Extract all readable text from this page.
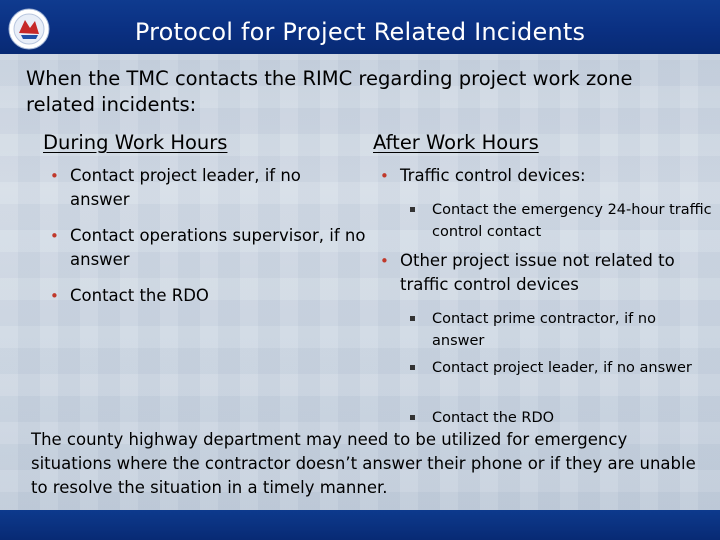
Protocol for Project Related Incidents
When the TMC contacts the RIMC regarding project work zone related incidents:
During Work Hours	After Work Hours
• Contact project leader, if no answer
• Contact operations supervisor, if no answer
• Contact the RDO
• Traffic control devices:
Contact the emergency 24-hour traffic control contact
• Other project issue not related to traffic control devices
Contact prime contractor, if no answer
Contact project leader, if no answer
Contact the RDO
The county highway department may need to be utilized for emergency situations where the contractor doesn’t answer their phone or if they are unable to resolve the situation in a timely manner.
